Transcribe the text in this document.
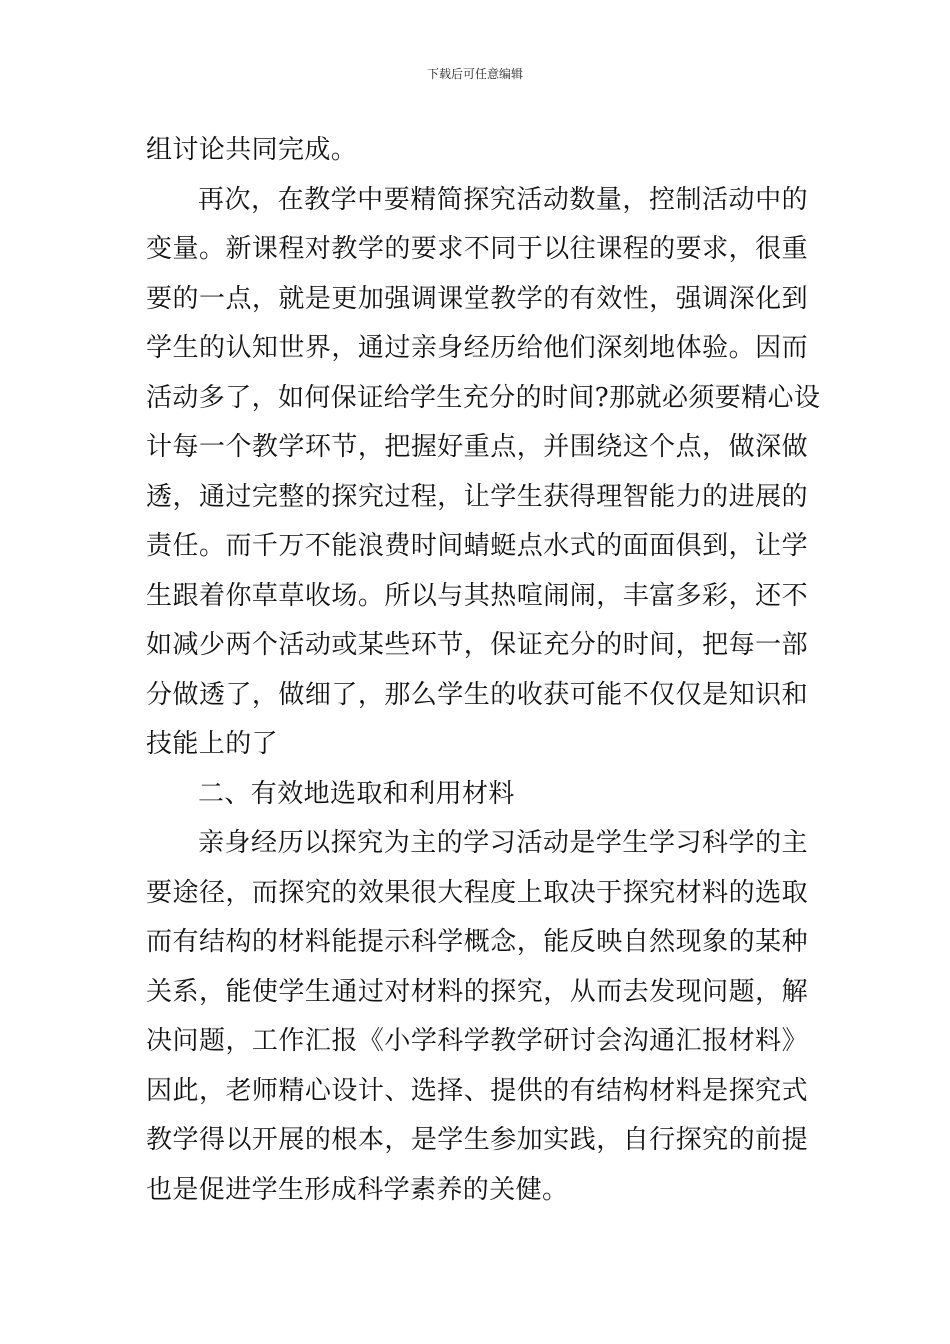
下载后可任意编辑
组讨论共同完成。
再次，在教学中要精简探究活动数量，控制活动中的
变量。新课程对教学的要求不同于以往课程的要求，很重
要的一点，就是更加强调课堂教学的有效性，强调深化到
学生的认知世界，通过亲身经历给他们深刻地体验。因而
活动多了，如何保证给学生充分的时间?那就必须要精心设
计每一个教学环节，把握好重点，并围绕这个点，做深做
透，通过完整的探究过程，让学生获得理智能力的进展的
责任。而千万不能浪费时间蜻蜓点水式的面面俱到，让学
生跟着你草草收场。所以与其热喧闹闹，丰富多彩，还不
如减少两个活动或某些环节，保证充分的时间，把每一部
分做透了，做细了，那么学生的收获可能不仅仅是知识和
技能上的了
二、有效地选取和利用材料
亲身经历以探究为主的学习活动是学生学习科学的主
要途径，而探究的效果很大程度上取决于探究材料的选取
而有结构的材料能提示科学概念，能反映自然现象的某种
关系，能使学生通过对材料的探究，从而去发现问题，解
决问题，工作汇报《小学科学教学研讨会沟通汇报材料》
因此，老师精心设计、选择、提供的有结构材料是探究式
教学得以开展的根本，是学生参加实践，自行探究的前提
也是促进学生形成科学素养的关健。
